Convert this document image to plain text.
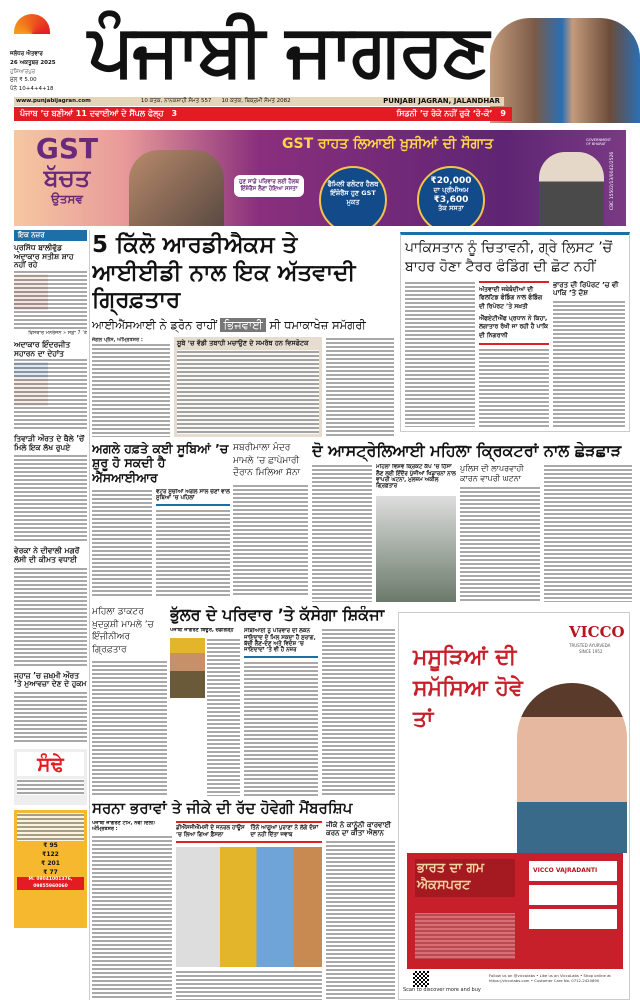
ਜਲੰਧਰ ਐਤਵਾਰ
26 ਅਕਤੂਬਰ 2025
ਹੁਸ਼ਿਆਰਪੁਰ
ਮੁੱਲ ₹ 5.00
ਪੰਨੇ 10+4+4+18 ਪੰਜਾਬੀ ਜਾਗਰਣ
www.punjabijagran.com	10 ਕਤਕ, ਨਾਨਕਸ਼ਾਹੀ ਸੰਮਤ 557 10 ਕਤਕ, ਬਿਕ੍ਰਮੀ ਸੰਮਤ 2082	PUNJABI JAGRAN, JALANDHAR
ਪੰਜਾਬ ’ਚ ਬਣੀਆਂ 11 ਦਵਾਈਆਂ ਦੇ ਸੈਂਪਲ ਫੇਲ੍ਹ 3	ਸਿਡਨੀ ’ਚ ਰੋਕੇ ਨਹੀਂ ਰੁਕੇ ‘ਰੋ-ਕੋ’ 9
GST
ਬੱਚਤ
ਉਤਸਵ
GST ਰਾਹਤ ਲਿਆਈ ਖ਼ੁਸ਼ੀਆਂ ਦੀ ਸੌਗਾਤ
ਹੁਣ ਸਾਡੇ ਪਰਿਵਾਰ ਲਈ ਹੈਲਥ ਇੰਸ਼ੋਰੈਂਸ ਲੈਣਾ ਹੋਇਆ ਸਸਤਾ
ਫੈਮਿਲੀ ਫਲੋਟਰ ਹੈਲਥ ਇੰਸ਼ੋਰੈਂਸ ਹੁਣ GST ਮੁਕਤ
₹20,000
ਦਾ ਪ੍ਰੀਮੀਅਮ
₹3,600
ਤੱਕ ਸਸਤਾ
GOVERNMENT OF BHARAT
CBC 15502/13/0042/2526
ਇਕ ਨਜ਼ਰ
ਪ੍ਰਸਿੱਧ ਬਾਲੀਵੁੱਡ ਅਦਾਕਾਰ ਸਤੀਸ਼ ਸ਼ਾਹ ਨਹੀਂ ਰਹੇ
ਵਿਸਥਾਰ ਮਨੋਰੰਜਨ » ਸਫ਼ਾ 7 ’ਤੇ
ਅਦਾਕਾਰ ਇੰਦਰਜੀਤ ਸਹਾਰਨ ਦਾ ਦੇਹਾਂਤ
ਤਿਵਾੜੀ ਔਰਤ ਦੇ ਥੈਲੇ ’ਚੋਂ ਮਿਲੇ ਇਕ ਲੱਖ ਰੁਪਏ
ਵੇਰਕਾ ਨੇ ਦੀਵਾਲੀ ਮਗਰੋਂ ਲੱਸੀ ਦੀ ਕੀਮਤ ਵਧਾਈ
ਜਹਾਜ਼ ’ਚ ਜ਼ਖ਼ਮੀ ਔਰਤ ’ਤੇ ਮੁਆਵਜ਼ਾ ਦੇਣ ਦੇ ਹੁਕਮ
ਸੰਢੇ
₹ 95
₹122
₹ 201
₹ 77
M: 09041001376, 09855960060
5 ਕਿੱਲੋ ਆਰਡੀਐਕਸ ਤੇ ਆਈਈਡੀ ਨਾਲ ਇਕ ਅੱਤਵਾਦੀ ਗ੍ਰਿਫ਼ਤਾਰ
ਆਈਐੱਸਆਈ ਨੇ ਡ੍ਰੋਨ ਰਾਹੀਂ ਭਿਜਵਾਈ ਸੀ ਧਮਾਕਾਖੇਜ਼ ਸਮੱਗਰੀ
ਜੰਗਲ ਪ੍ਰੈੱਸ, ਅੰਮ੍ਰਿਤਸਰ :	ਸੂਬੇ ’ਚ ਵੱਡੀ ਤਬਾਹੀ ਮਚਾਉਣ ਦੇ ਸਮਰੱਥ ਹਨ ਵਿਸਫੋਟਕ
ਪਾਕਿਸਤਾਨ ਨੂੰ ਚਿਤਾਵਨੀ, ਗ੍ਰੇ ਲਿਸਟ ’ਚੋਂ ਬਾਹਰ ਹੋਣਾ ਟੈਰਰ ਫੰਡਿੰਗ ਦੀ ਛੋਟ ਨਹੀਂ
ਅੱਤਵਾਦੀ ਜਥੇਬੰਦੀਆਂ ਦੀ ਫਿਲਟਿਡ ਫੰਡਿੰਗ ਨਾਲ ਫੰਡਿੰਗ ਦੀ ਰਿਪੋਰਟ ’ਤੇ ਸਖ਼ਤੀ
ਐੱਫਏਟੀਐੱਫ ਪ੍ਰਧਾਨ ਨੇ ਕਿਹਾ, ਲਗਾਤਾਰ ਰੱਖੀ ਜਾ ਰਹੀ ਹੈ ਪਾਕਿ ਦੀ ਨਿਗਰਾਨੀ
ਭਾਰਤ ਦੀ ਰਿਪੋਰਟ ’ਚ ਵੀ ਪਾਕਿ ’ਤੇ ਦੋਸ਼
ਅਗਲੇ ਹਫ਼ਤੇ ਕਈ ਸੂਬਿਆਂ ’ਚ ਸ਼ੁਰੂ ਹੋ ਸਕਦੀ ਹੈ ਐੱਸਆਈਆਰ
ਵੋਟਰ ਸੂਚੀਆਂ ਅਗਲੇ ਸਾਲ ਚੋਣਾਂ ਵਾਲੇ ਸੂਬਿਆਂ ’ਚ ਪਹਿਲਾਂ
ਸਬਰੀਮਾਲਾ ਮੰਦਰ ਮਾਮਲੇ ’ਚ ਛਾਪੇਮਾਰੀ ਦੌਰਾਨ ਮਿਲਿਆ ਸੋਨਾ
ਦੋ ਆਸਟ੍ਰੇਲਿਆਈ ਮਹਿਲਾ ਕ੍ਰਿਕਟਰਾਂ ਨਾਲ ਛੇੜਛਾੜ
ਮਹਿਲਾ ਵਿਸ਼ਵ ਕ੍ਰਿਕਟ ਕੱਪ ’ਚ ਹਿੱਸਾ ਲੈਣ ਲਈ ਇੰਦੌਰ ਪੁੱਜੀਆਂ ਖਿਡਾਰਨਾਂ ਨਾਲ ਵਾਪਰੀ ਘਟਨਾ, ਮੁਲਜ਼ਮ ਅਕੀਲ ਗ੍ਰਿਫ਼ਤਾਰ
ਪੁਲਿਸ ਦੀ ਲਾਪਰਵਾਹੀ ਕਾਰਨ ਵਾਪਰੀ ਘਟਨਾ
ਮਹਿਲਾ ਡਾਕਟਰ ਖ਼ੁਦਕੁਸ਼ੀ ਮਾਮਲੇ ’ਚ ਇੰਜੀਨੀਅਰ ਗ੍ਰਿਫ਼ਤਾਰ
ਭੁੱਲਰ ਦੇ ਪਰਿਵਾਰ ’ਤੇ ਕੱਸੇਗਾ ਸ਼ਿਕੰਜਾ
ਪੰਜਾਬੀ ਜਾਗਰਣ ਬਿਊਰੋ, ਚੰਡੀਗੜ੍ਹ	ਸੀਬੀਆਈ ਨੂੰ ਪਰਿਵਾਰ ਦੀ ਲੋਕਨ ਜਾਇਦਾਦ ਦੇ ਮਿਲ ਸਕਦਾ ਹੈ ਸੁਰਾਗ, ਬੱਚੀ ਲੈਣ-ਦੇਣ ਅਤੇ ਵਿਦੇਸ਼ ’ਚ ਜਾਇਦਾਦਾਂ ’ਤੇ ਵੀ ਹੈ ਨਜ਼ਰ
ਸਰਨਾ ਭਰਾਵਾਂ ਤੇ ਜੀਕੇ ਦੀ ਰੱਦ ਹੋਵੇਗੀ ਮੈਂਬਰਸ਼ਿਪ
ਪੰਜਾਬੀ ਜਾਗਰਣ ਟੀਮ, ਨਵੀਂ ਦਿੱਲੀ/ ਅੰਮ੍ਰਿਤਸਰ :	ਡੀਐੱਸਜੀਐੱਮਸੀ ਦੇ ਜਨਰਲ ਹਾਊਸ ’ਚ ਲਿਆ ਗਿਆ ਫ਼ੈਸਲਾ
ਤਿੰਨੋਂ ਆਗੂਆਂ ਪੁਰਾਣਾ ਨੇ ਲੱਗੇ ਦੋਸ਼ਾਂ ਦਾ ਨਹੀਂ ਦਿੱਤਾ ਜਵਾਬ
ਜੀਕੇ ਨੇ ਕਾਨੂੰਨੀ ਕਾਰਵਾਈ ਕਰਨ ਦਾ ਕੀਤਾ ਐਲਾਨ
VICCO
TRUSTED AYURVEDA
SINCE 1952
ਮਸੂੜਿਆਂ ਦੀ ਸਮੱਸਿਆ ਹੋਵੇ ਤਾਂ
ਭਾਰਤ ਦਾ ਗਮ ਐਕਸਪਰਟ
VICCO VAJRADANTI
Scan to discover more and buy
Follow us on @viccolabs • Like us on ViccoLabs • Shop online at https://viccolabs.com • Customer Care No. 0712-2420890
